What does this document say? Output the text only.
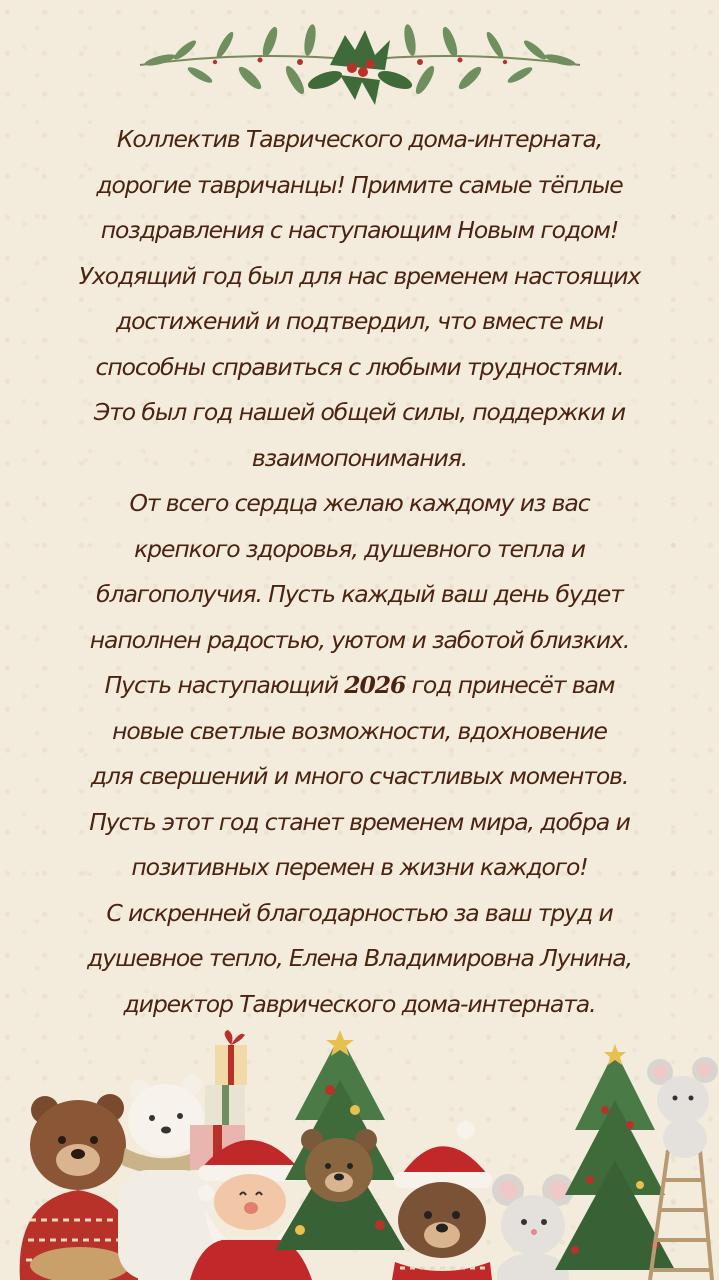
Коллектив Таврического дома-интерната,
дорогие тавричанцы! Примите самые тёплые
поздравления с наступающим Новым годом!
Уходящий год был для нас временем настоящих
достижений и подтвердил, что вместе мы
способны справиться с любыми трудностями.
Это был год нашей общей силы, поддержки и
взаимопонимания.
От всего сердца желаю каждому из вас
крепкого здоровья, душевного тепла и
благополучия. Пусть каждый ваш день будет
наполнен радостью, уютом и заботой близких.
Пусть наступающий 2026 год принесёт вам
новые светлые возможности, вдохновение
для свершений и много счастливых моментов.
Пусть этот год станет временем мира, добра и
позитивных перемен в жизни каждого!
С искренней благодарностью за ваш труд и
душевное тепло, Елена Владимировна Лунина,
директор Таврического дома-интерната.
